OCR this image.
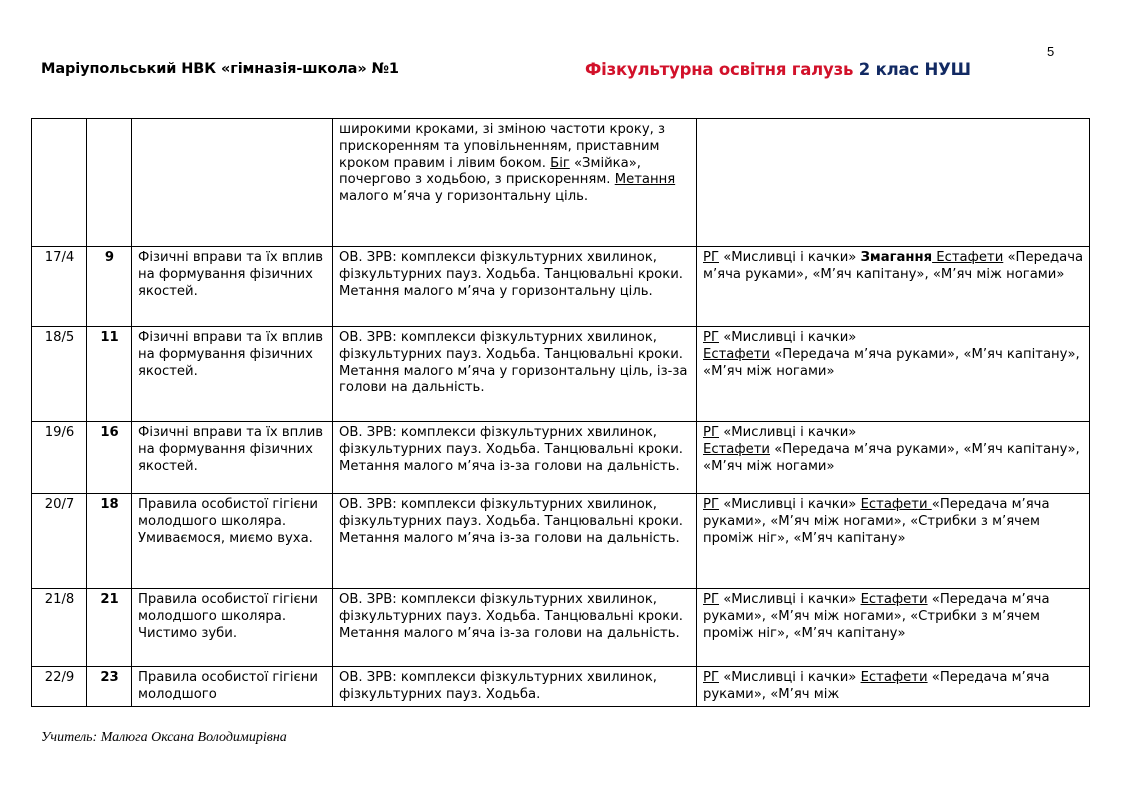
5
Маріупольський НВК «гімназія-школа» №1	Фізкультурна освітня галузь 2 клас НУШ
			широкими кроками, зі зміною частоти кроку, з прискоренням та уповільненням, приставним кроком правим і лівим боком. Біг «Змійка», почергово з ходьбою, з прискоренням. Метання малого м’яча у горизонтальну ціль.	
17/4	9	Фізичні вправи та їх вплив на формування фізичних якостей.	ОВ. ЗРВ: комплекси фізкультурних хвилинок, фізкультурних пауз. Ходьба. Танцювальні кроки. Метання малого м’яча у горизонтальну ціль.	РГ «Мисливці і качки» Змагання Естафети «Передача м’яча руками», «М’яч капітану», «М’яч між ногами»
18/5	11	Фізичні вправи та їх вплив на формування фізичних якостей.	ОВ. ЗРВ: комплекси фізкультурних хвилинок, фізкультурних пауз. Ходьба. Танцювальні кроки. Метання малого м’яча у горизонтальну ціль, із-за голови на дальність.	РГ «Мисливці і качки»
Естафети «Передача м’яча руками», «М’яч капітану», «М’яч між ногами»
19/6	16	Фізичні вправи та їх вплив на формування фізичних якостей.	ОВ. ЗРВ: комплекси фізкультурних хвилинок, фізкультурних пауз. Ходьба. Танцювальні кроки. Метання малого м’яча із-за голови на дальність.	РГ «Мисливці і качки»
Естафети «Передача м’яча руками», «М’яч капітану», «М’яч між ногами»
20/7	18	Правила особистої гігієни молодшого школяра. Умиваємося, миємо вуха.	ОВ. ЗРВ: комплекси фізкультурних хвилинок, фізкультурних пауз. Ходьба. Танцювальні кроки. Метання малого м’яча із-за голови на дальність.	РГ «Мисливці і качки» Естафети «Передача м’яча руками», «М’яч між ногами», «Стрибки з м’ячем проміж ніг», «М’яч капітану»
21/8	21	Правила особистої гігієни молодшого школяра. Чистимо зуби.	ОВ. ЗРВ: комплекси фізкультурних хвилинок, фізкультурних пауз. Ходьба. Танцювальні кроки. Метання малого м’яча із-за голови на дальність.	РГ «Мисливці і качки» Естафети «Передача м’яча руками», «М’яч між ногами», «Стрибки з м’ячем проміж ніг», «М’яч капітану»
22/9	23	Правила особистої гігієни молодшого	ОВ. ЗРВ: комплекси фізкультурних хвилинок, фізкультурних пауз. Ходьба.	РГ «Мисливці і качки» Естафети «Передача м’яча руками», «М’яч між
Учитель: Малюга Оксана Володимирівна
